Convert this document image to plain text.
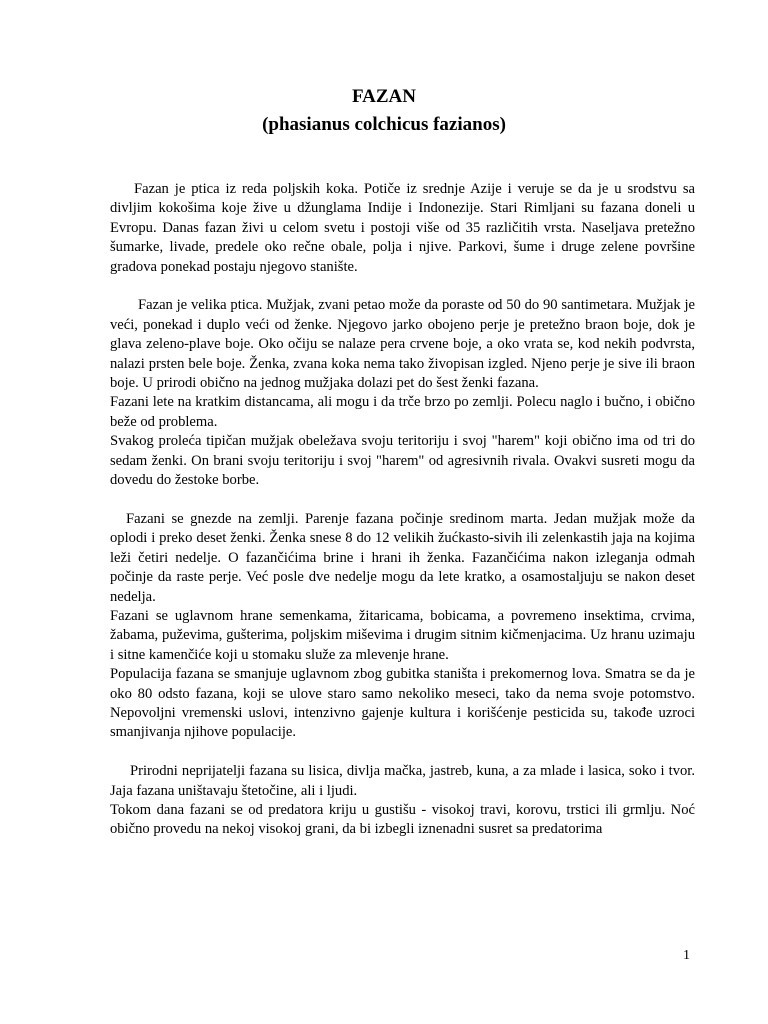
FAZAN
(phasianus colchicus fazianos)

Fazan je ptica iz reda poljskih koka. Potiče iz srednje Azije i veruje se da je u srodstvu sa divljim kokošima koje žive u džunglama Indije i Indonezije. Stari Rimljani su fazana doneli u Evropu. Danas fazan živi u celom svetu i postoji više od 35 različitih vrsta. Naseljava pretežno šumarke, livade, predele oko rečne obale, polja i njive. Parkovi, šume i druge zelene površine gradova ponekad postaju njegovo stanište.

Fazan je velika ptica. Mužjak, zvani petao može da poraste od 50 do 90 santimetara. Mužjak je veći, ponekad i duplo veći od ženke. Njegovo jarko obojeno perje je pretežno braon boje, dok je glava zeleno-plave boje. Oko očiju se nalaze pera crvene boje, a oko vrata se, kod nekih podvrsta, nalazi prsten bele boje. Ženka, zvana koka nema tako živopisan izgled. Njeno perje je sive ili braon boje. U prirodi obično na jednog mužjaka dolazi pet do šest ženki fazana.

Fazani lete na kratkim distancama, ali mogu i da trče brzo po zemlji. Polecu naglo i bučno, i obično beže od problema.

Svakog proleća tipičan mužjak obeležava svoju teritoriju i svoj "harem" koji obično ima od tri do sedam ženki. On brani svoju teritoriju i svoj "harem" od agresivnih rivala. Ovakvi susreti mogu da dovedu do žestoke borbe.

Fazani se gnezde na zemlji. Parenje fazana počinje sredinom marta. Jedan mužjak može da oplodi i preko deset ženki. Ženka snese 8 do 12 velikih žućkasto-sivih ili zelenkastih jaja na kojima leži četiri nedelje. O fazančićima brine i hrani ih ženka. Fazančićima nakon izleganja odmah počinje da raste perje. Već posle dve nedelje mogu da lete kratko, a osamostaljuju se nakon deset nedelja.

Fazani se uglavnom hrane semenkama, žitaricama, bobicama, a povremeno insektima, crvima, žabama, puževima, gušterima, poljskim miševima i drugim sitnim kičmenjacima. Uz hranu uzimaju i sitne kamenčiće koji u stomaku služe za mlevenje hrane.

Populacija fazana se smanjuje uglavnom zbog gubitka staništa i prekomernog lova. Smatra se da je oko 80 odsto fazana, koji se ulove staro samo nekoliko meseci, tako da nema svoje potomstvo. Nepovoljni vremenski uslovi, intenzivno gajenje kultura i korišćenje pesticida su, takođe uzroci smanjivanja njihove populacije.

Prirodni neprijatelji fazana su lisica, divlja mačka, jastreb, kuna, a za mlade i lasica, soko i tvor. Jaja fazana uništavaju štetočine, ali i ljudi.

Tokom dana fazani se od predatora kriju u gustišu - visokoj travi, korovu, trstici ili grmlju. Noć obično provedu na nekoj visokoj grani, da bi izbegli iznenadni susret sa predatorima

1
